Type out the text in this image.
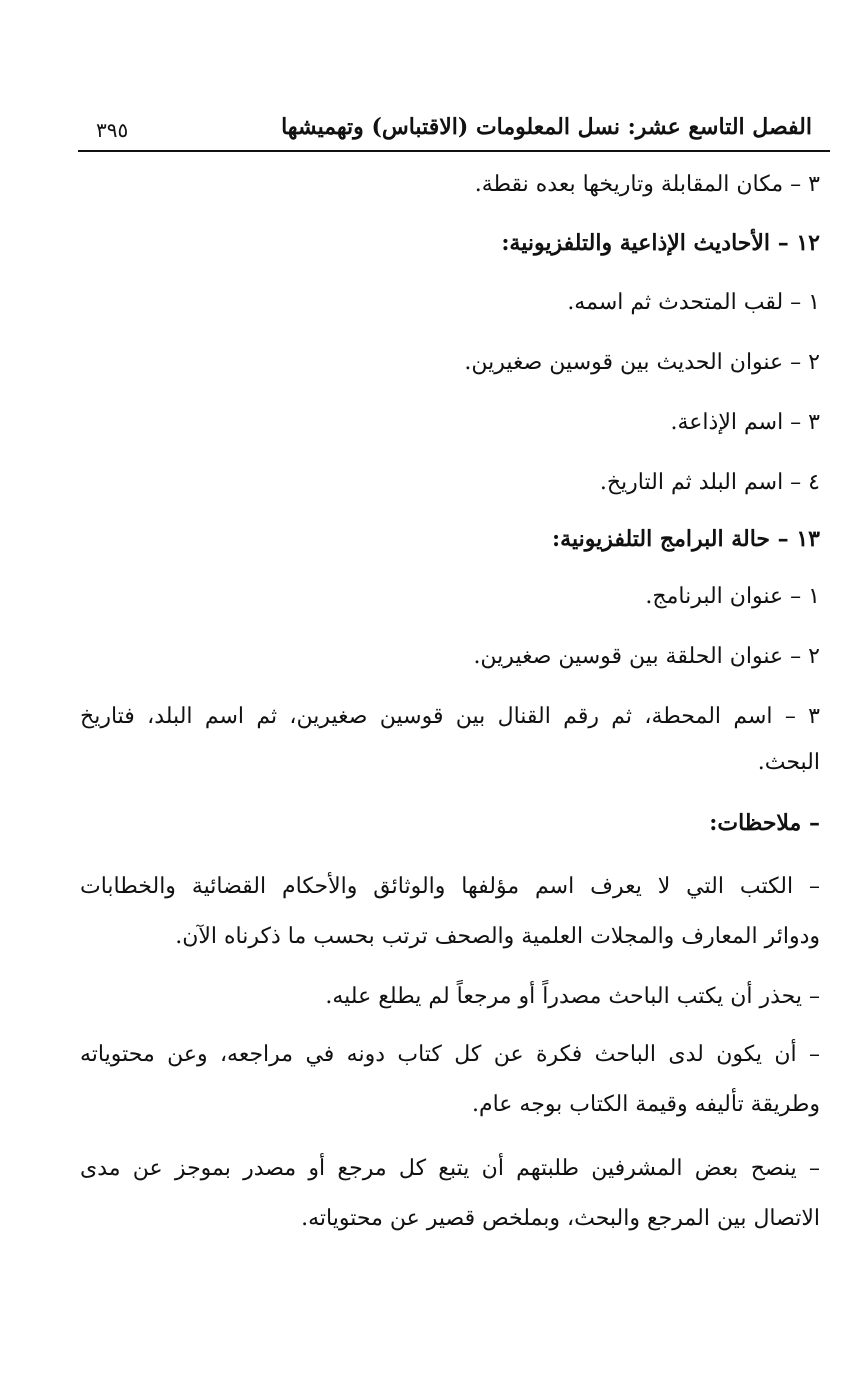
الفصل التاسع عشر: نسل المعلومات (الاقتباس) وتهميشها
٣٩٥
٣ – مكان المقابلة وتاريخها بعده نقطة.
١٢ – الأحاديث الإذاعية والتلفزيونية:
١ – لقب المتحدث ثم اسمه.
٢ – عنوان الحديث بين قوسين صغيرين.
٣ – اسم الإذاعة.
٤ – اسم البلد ثم التاريخ.
١٣ – حالة البرامج التلفزيونية:
١ – عنوان البرنامج.
٢ – عنوان الحلقة بين قوسين صغيرين.
٣ – اسم المحطة، ثم رقم القنال بين قوسين صغيرين، ثم اسم البلد، فتاريخ
البحث.
– ملاحظات:
– الكتب التي لا يعرف اسم مؤلفها والوثائق والأحكام القضائية والخطابات
ودوائر المعارف والمجلات العلمية والصحف ترتب بحسب ما ذكرناه الآن.
– يحذر أن يكتب الباحث مصدراً أو مرجعاً لم يطلع عليه.
– أن يكون لدى الباحث فكرة عن كل كتاب دونه في مراجعه، وعن محتوياته
وطريقة تأليفه وقيمة الكتاب بوجه عام.
– ينصح بعض المشرفين طلبتهم أن يتبع كل مرجع أو مصدر بموجز عن مدى
الاتصال بين المرجع والبحث، وبملخص قصير عن محتوياته.
